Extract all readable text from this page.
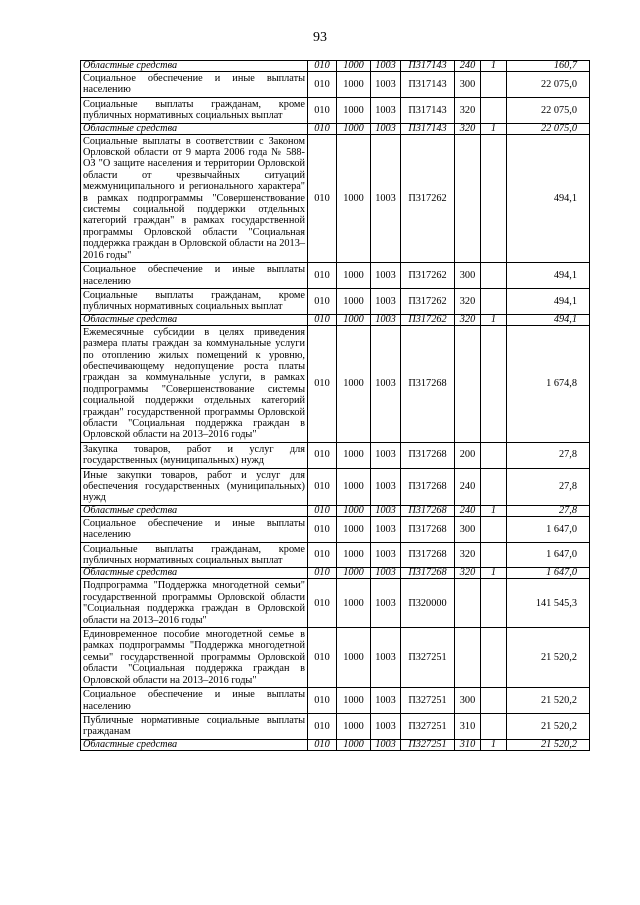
93
Областные средства	010	1000	1003	П317143	240	1	160,7
Социальное обеспечение и иные выплаты населению	010	1000	1003	П317143	300		22 075,0
Социальные выплаты гражданам, кроме публичных нормативных социальных выплат	010	1000	1003	П317143	320		22 075,0
Областные средства	010	1000	1003	П317143	320	1	22 075,0
Социальные выплаты в соответствии с Законом Орловской области от 9 марта 2006 года № 588-ОЗ "О защите населения и территории Орловской области от чрезвычайных ситуаций межмуниципального и регионального характера" в рамках подпрограммы "Совершенствование системы социальной поддержки отдельных категорий граждан" в рамках государственной программы Орловской области "Социальная поддержка граждан в Орловской области на 2013–2016 годы"	010	1000	1003	П317262			494,1
Социальное обеспечение и иные выплаты населению	010	1000	1003	П317262	300		494,1
Социальные выплаты гражданам, кроме публичных нормативных социальных выплат	010	1000	1003	П317262	320		494,1
Областные средства	010	1000	1003	П317262	320	1	494,1
Ежемесячные субсидии в целях приведения размера платы граждан за коммунальные услуги по отоплению жилых помещений к уровню, обеспечивающему недопущение роста платы граждан за коммунальные услуги, в рамках подпрограммы "Совершенствование системы социальной поддержки отдельных категорий граждан" государственной программы Орловской области "Социальная поддержка граждан в Орловской области на 2013–2016 годы"	010	1000	1003	П317268			1 674,8
Закупка товаров, работ и услуг для государственных (муниципальных) нужд	010	1000	1003	П317268	200		27,8
Иные закупки товаров, работ и услуг для обеспечения государственных (муниципальных) нужд	010	1000	1003	П317268	240		27,8
Областные средства	010	1000	1003	П317268	240	1	27,8
Социальное обеспечение и иные выплаты населению	010	1000	1003	П317268	300		1 647,0
Социальные выплаты гражданам, кроме публичных нормативных социальных выплат	010	1000	1003	П317268	320		1 647,0
Областные средства	010	1000	1003	П317268	320	1	1 647,0
Подпрограмма "Поддержка многодетной семьи" государственной программы Орловской области "Социальная поддержка граждан в Орловской области на 2013–2016 годы"	010	1000	1003	П320000			141 545,3
Единовременное пособие многодетной семье в рамках подпрограммы "Поддержка многодетной семьи" государственной программы Орловской области "Социальная поддержка граждан в Орловской области на 2013–2016 годы"	010	1000	1003	П327251			21 520,2
Социальное обеспечение и иные выплаты населению	010	1000	1003	П327251	300		21 520,2
Публичные нормативные социальные выплаты гражданам	010	1000	1003	П327251	310		21 520,2
Областные средства	010	1000	1003	П327251	310	1	21 520,2
